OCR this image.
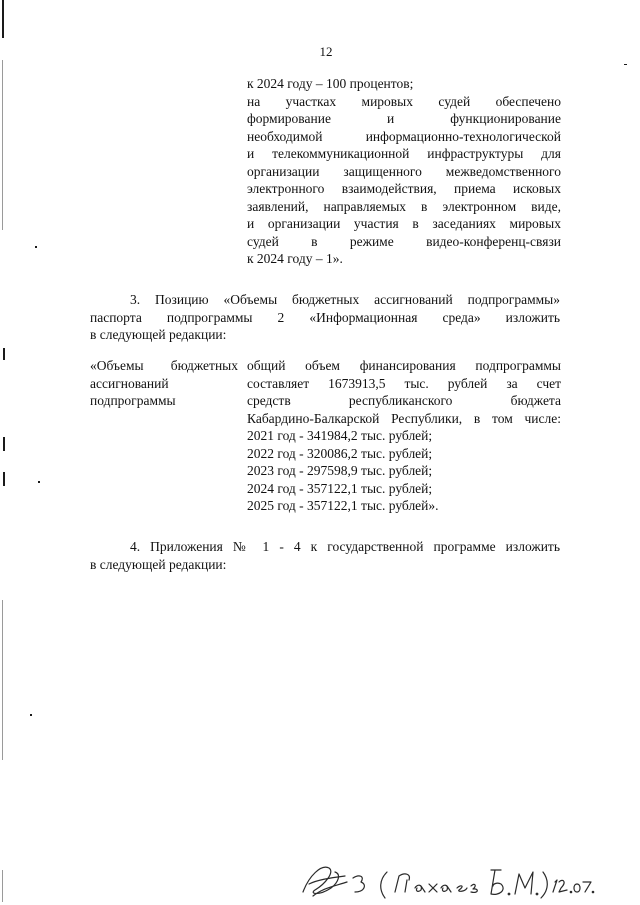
12
к 2024 году – 100 процентов;
на участках мировых судей обеспечено
формирование и функционирование
необходимой информационно-технологической
и телекоммуникационной инфраструктуры для
организации защищенного межведомственного
электронного взаимодействия, приема исковых
заявлений, направляемых в электронном виде,
и организации участия в заседаниях мировых
судей в режиме видео-конференц-связи
к 2024 году – 1».
3. Позицию «Объемы бюджетных ассигнований подпрограммы»
паспорта подпрограммы 2 «Информационная среда» изложить
в следующей редакции:
«Объемы бюджетных
ассигнований
подпрограммы
общий объем финансирования подпрограммы
составляет 1673913,5 тыс. рублей за счет
средств республиканского бюджета
Кабардино-Балкарской Республики, в том числе:
2021 год - 341984,2 тыс. рублей;
2022 год - 320086,2 тыс. рублей;
2023 год - 297598,9 тыс. рублей;
2024 год - 357122,1 тыс. рублей;
2025 год - 357122,1 тыс. рублей».
4. Приложения № 1 - 4 к государственной программе изложить
в следующей редакции:
